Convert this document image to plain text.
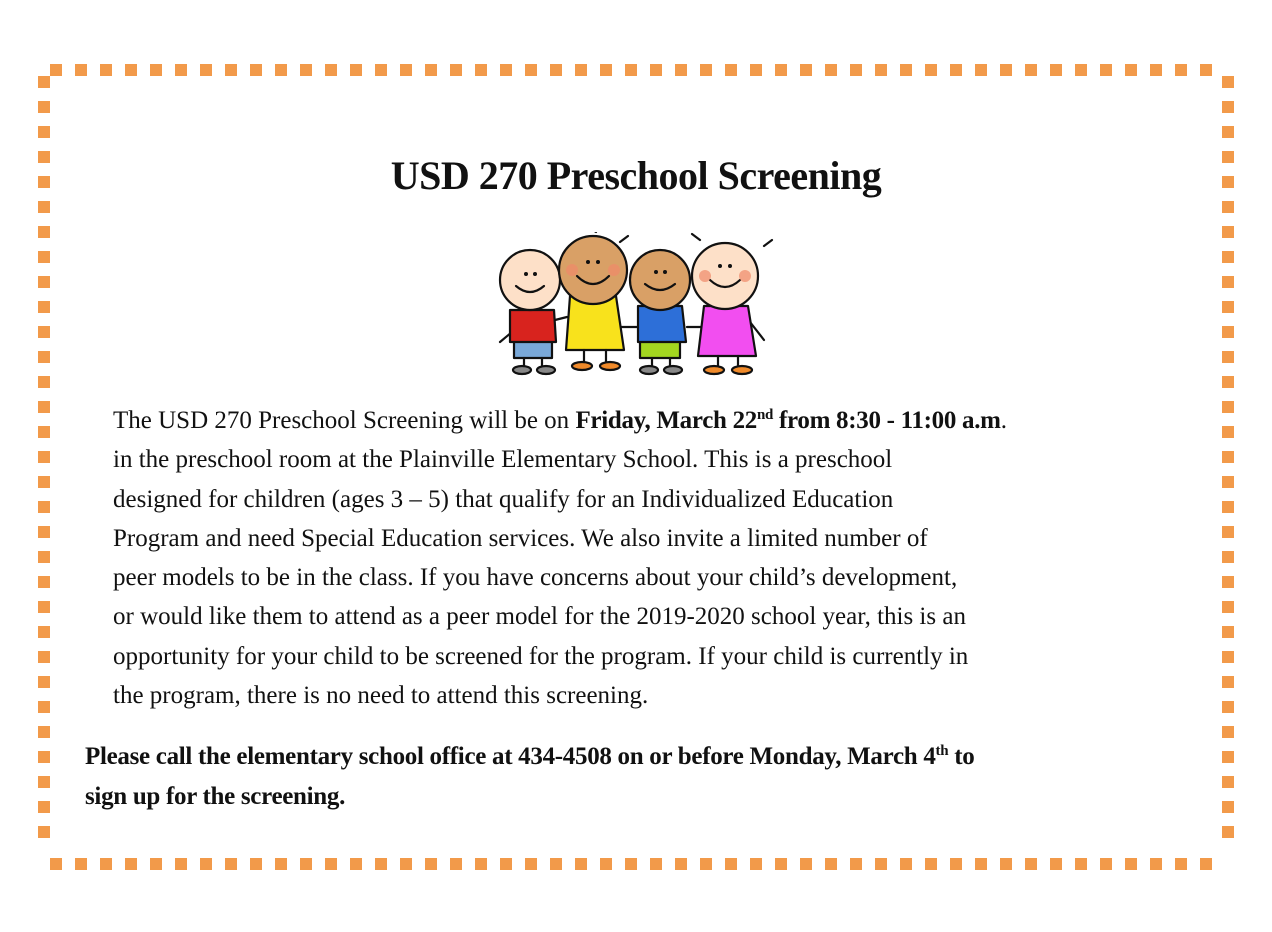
USD 270 Preschool Screening
The USD 270 Preschool Screening will be on Friday, March 22nd from 8:30 - 11:00 a.m.
in the preschool room at the Plainville Elementary School. This is a preschool
designed for children (ages 3 – 5) that qualify for an Individualized Education
Program and need Special Education services. We also invite a limited number of
peer models to be in the class. If you have concerns about your child’s development,
or would like them to attend as a peer model for the 2019-2020 school year, this is an
opportunity for your child to be screened for the program. If your child is currently in
the program, there is no need to attend this screening.
Please call the elementary school office at 434-4508 on or before Monday, March 4th to
sign up for the screening.
